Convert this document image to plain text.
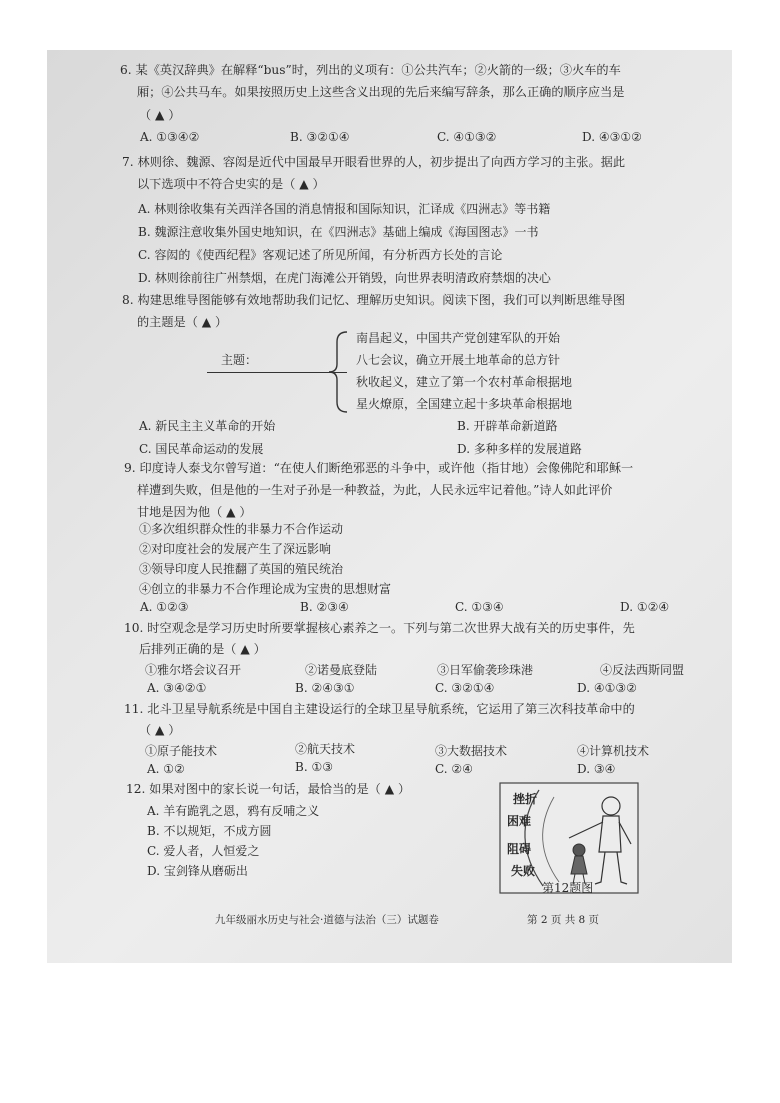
6. 某《英汉辞典》在解释“bus”时，列出的义项有：①公共汽车；②火箭的一级；③火车的车
厢；④公共马车。如果按照历史上这些含义出现的先后来编写辞条，那么正确的顺序应当是
（ ▲ ）
A. ①③④②	B. ③②①④	C. ④①③②	D. ④③①②
7. 林则徐、魏源、容闳是近代中国最早开眼看世界的人，初步提出了向西方学习的主张。据此
以下选项中不符合史实的是（ ▲ ）
A. 林则徐收集有关西洋各国的消息情报和国际知识，汇译成《四洲志》等书籍
B. 魏源注意收集外国史地知识，在《四洲志》基础上编成《海国图志》一书
C. 容闳的《使西纪程》客观记述了所见所闻，有分析西方长处的言论
D. 林则徐前往广州禁烟，在虎门海滩公开销毁，向世界表明清政府禁烟的决心
8. 构建思维导图能够有效地帮助我们记忆、理解历史知识。阅读下图，我们可以判断思维导图
的主题是（ ▲ ）
主题：
南昌起义，中国共产党创建军队的开始
八七会议，确立开展土地革命的总方针
秋收起义，建立了第一个农村革命根据地
星火燎原，全国建立起十多块革命根据地
A. 新民主主义革命的开始	B. 开辟革命新道路
C. 国民革命运动的发展	D. 多种多样的发展道路
9. 印度诗人泰戈尔曾写道：“在使人们断绝邪恶的斗争中，或许他（指甘地）会像佛陀和耶稣一
样遭到失败，但是他的一生对子孙是一种教益，为此，人民永远牢记着他。”诗人如此评价
甘地是因为他（ ▲ ）
①多次组织群众性的非暴力不合作运动
②对印度社会的发展产生了深远影响
③领导印度人民推翻了英国的殖民统治
④创立的非暴力不合作理论成为宝贵的思想财富
A. ①②③	B. ②③④	C. ①③④	D. ①②④
10. 时空观念是学习历史时所要掌握核心素养之一。下列与第二次世界大战有关的历史事件，先
后排列正确的是（ ▲ ）
①雅尔塔会议召开	②诺曼底登陆	③日军偷袭珍珠港	④反法西斯同盟
A. ③④②①	B. ②④③①	C. ③②①④	D. ④①③②
11. 北斗卫星导航系统是中国自主建设运行的全球卫星导航系统，它运用了第三次科技革命中的
（ ▲ ）
①原子能技术	②航天技术	③大数据技术	④计算机技术
A. ①②	B. ①③	C. ②④	D. ③④
12. 如果对图中的家长说一句话，最恰当的是（ ▲ ）
A. 羊有跪乳之恩，鸦有反哺之义
B. 不以规矩，不成方圆
C. 爱人者，人恒爱之
D. 宝剑锋从磨砺出
挫折
困难
阻碍
失败
第12题图
九年级丽水历史与社会·道德与法治（三）试题卷	第 2 页 共 8 页
